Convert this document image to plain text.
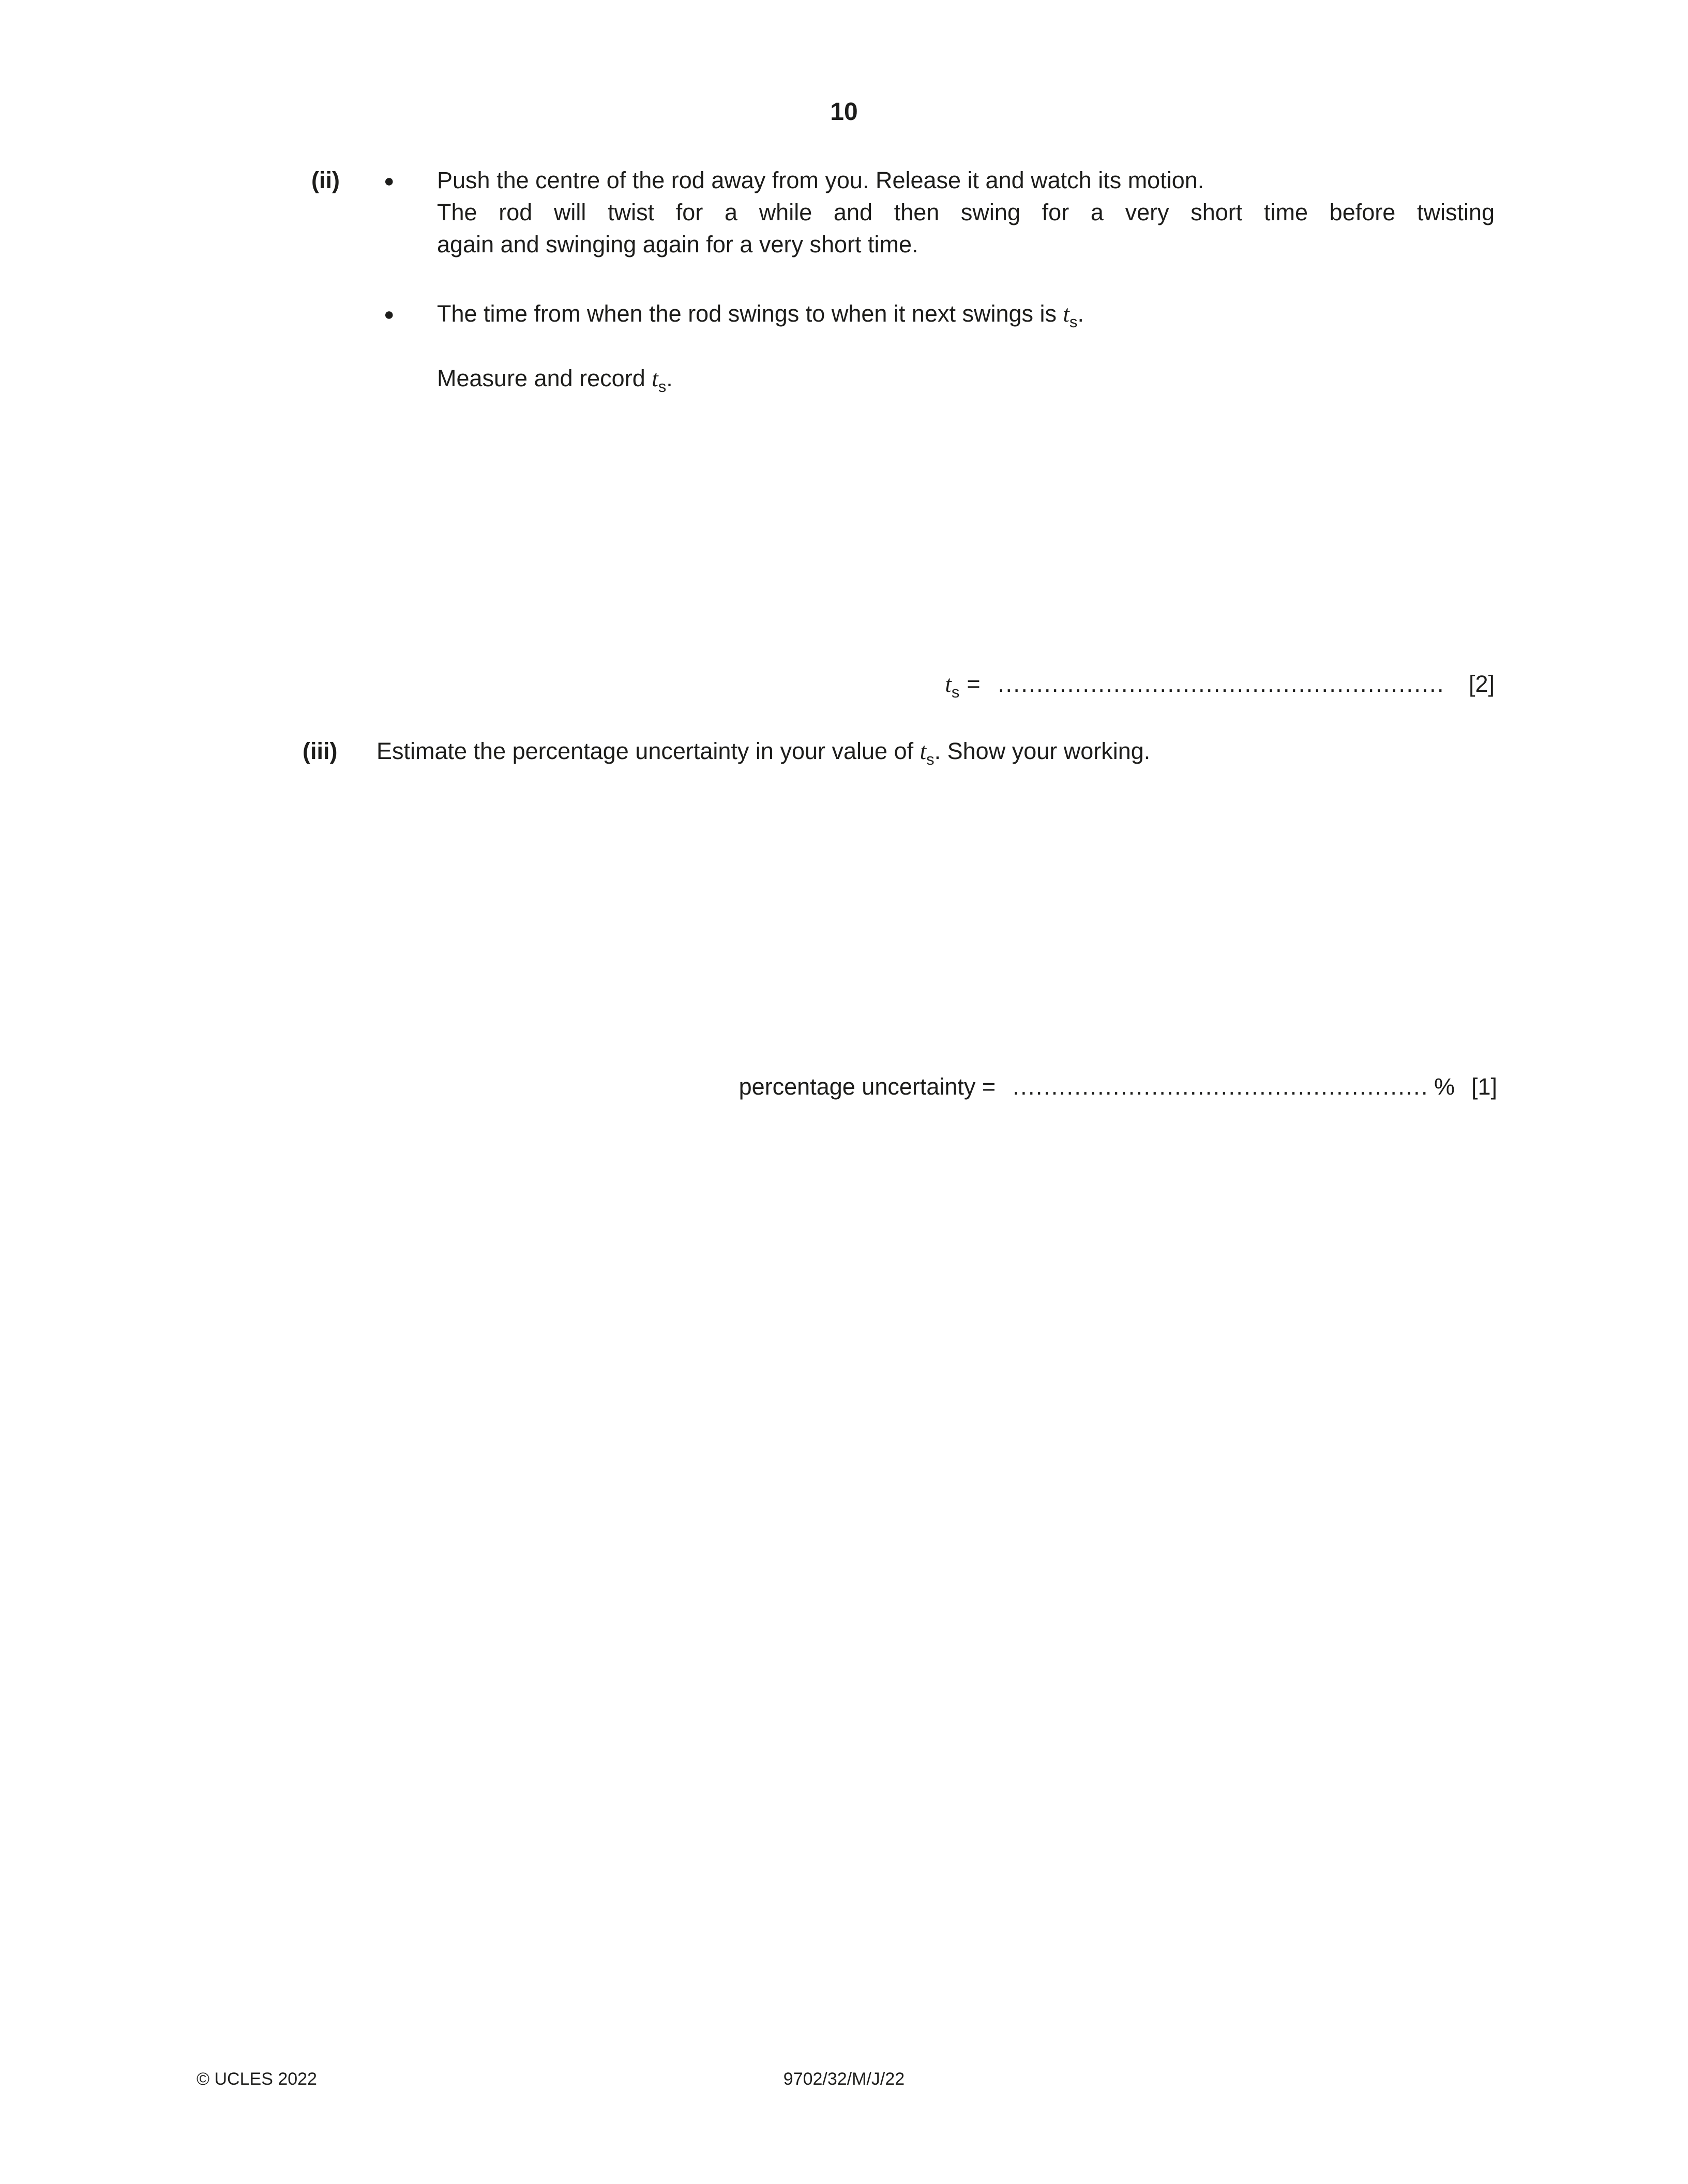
10
(ii)	● Push the centre of the rod away from you. Release it and watch its motion.
The rod will twist for a while and then swing for a very short time before twisting
again and swinging again for a very short time.
● The time from when the rod swings to when it next swings is $t_s$.
Measure and record $t_s$.
$t_s$ = .......................................................... [2]
(iii) Estimate the percentage uncertainty in your value of $t_s$. Show your working.
percentage uncertainty = ...................................................... % [1]
© UCLES 2022	9702/32/M/J/22
